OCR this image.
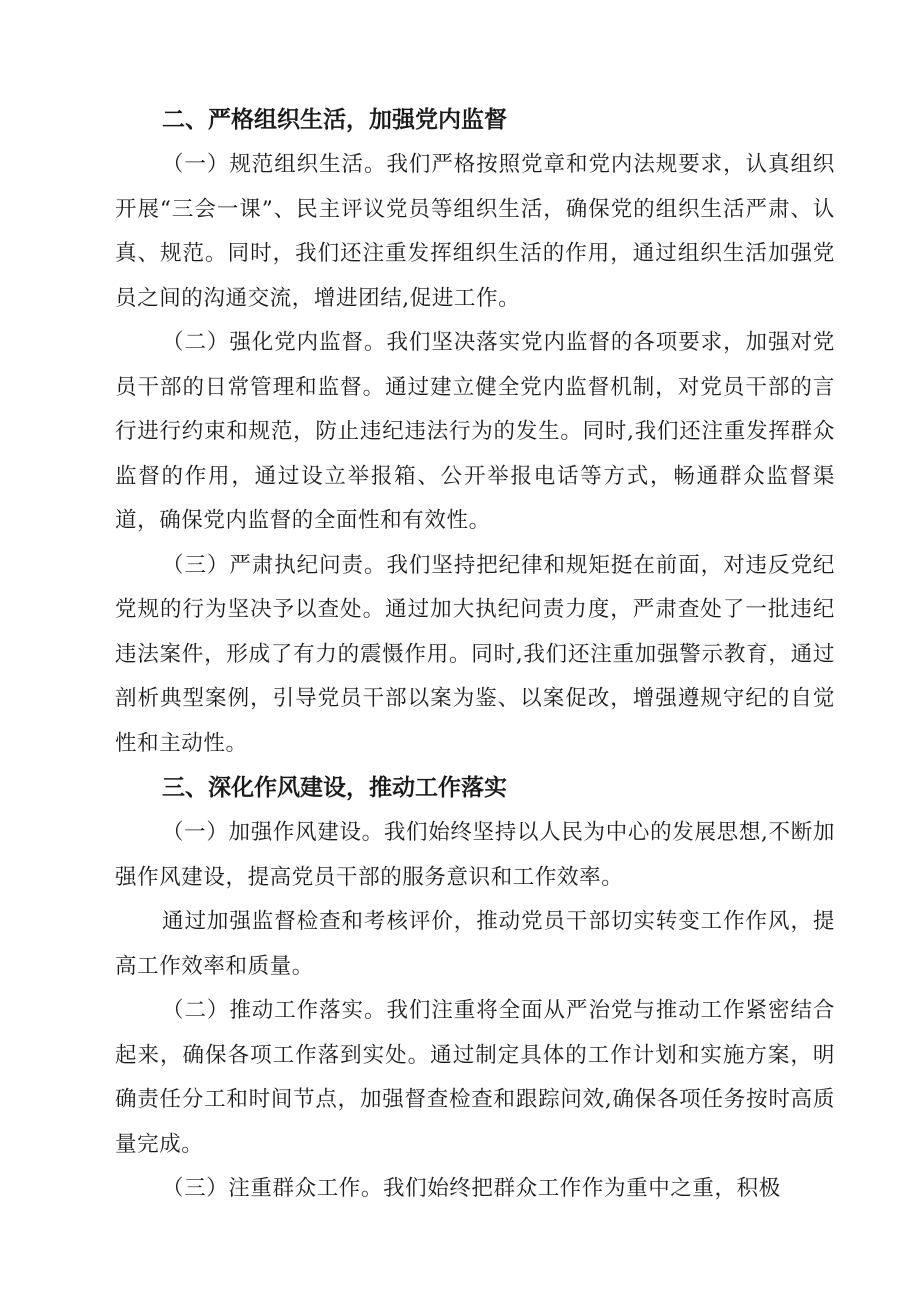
二、严格组织生活，加强党内监督

（一）规范组织生活。我们严格按照党章和党内法规要求，认真组织开展“三会一课”、民主评议党员等组织生活，确保党的组织生活严肃、认真、规范。同时，我们还注重发挥组织生活的作用，通过组织生活加强党员之间的沟通交流，增进团结,促进工作。

（二）强化党内监督。我们坚决落实党内监督的各项要求，加强对党员干部的日常管理和监督。通过建立健全党内监督机制，对党员干部的言行进行约束和规范，防止违纪违法行为的发生。同时,我们还注重发挥群众监督的作用，通过设立举报箱、公开举报电话等方式，畅通群众监督渠道，确保党内监督的全面性和有效性。

（三）严肃执纪问责。我们坚持把纪律和规矩挺在前面，对违反党纪党规的行为坚决予以查处。通过加大执纪问责力度，严肃查处了一批违纪违法案件，形成了有力的震慑作用。同时,我们还注重加强警示教育，通过剖析典型案例，引导党员干部以案为鉴、以案促改，增强遵规守纪的自觉性和主动性。

三、深化作风建设，推动工作落实

（一）加强作风建设。我们始终坚持以人民为中心的发展思想,不断加强作风建设，提高党员干部的服务意识和工作效率。

通过加强监督检查和考核评价，推动党员干部切实转变工作作风，提高工作效率和质量。

（二）推动工作落实。我们注重将全面从严治党与推动工作紧密结合起来，确保各项工作落到实处。通过制定具体的工作计划和实施方案，明确责任分工和时间节点，加强督查检查和跟踪问效,确保各项任务按时高质量完成。

（三）注重群众工作。我们始终把群众工作作为重中之重，积极
